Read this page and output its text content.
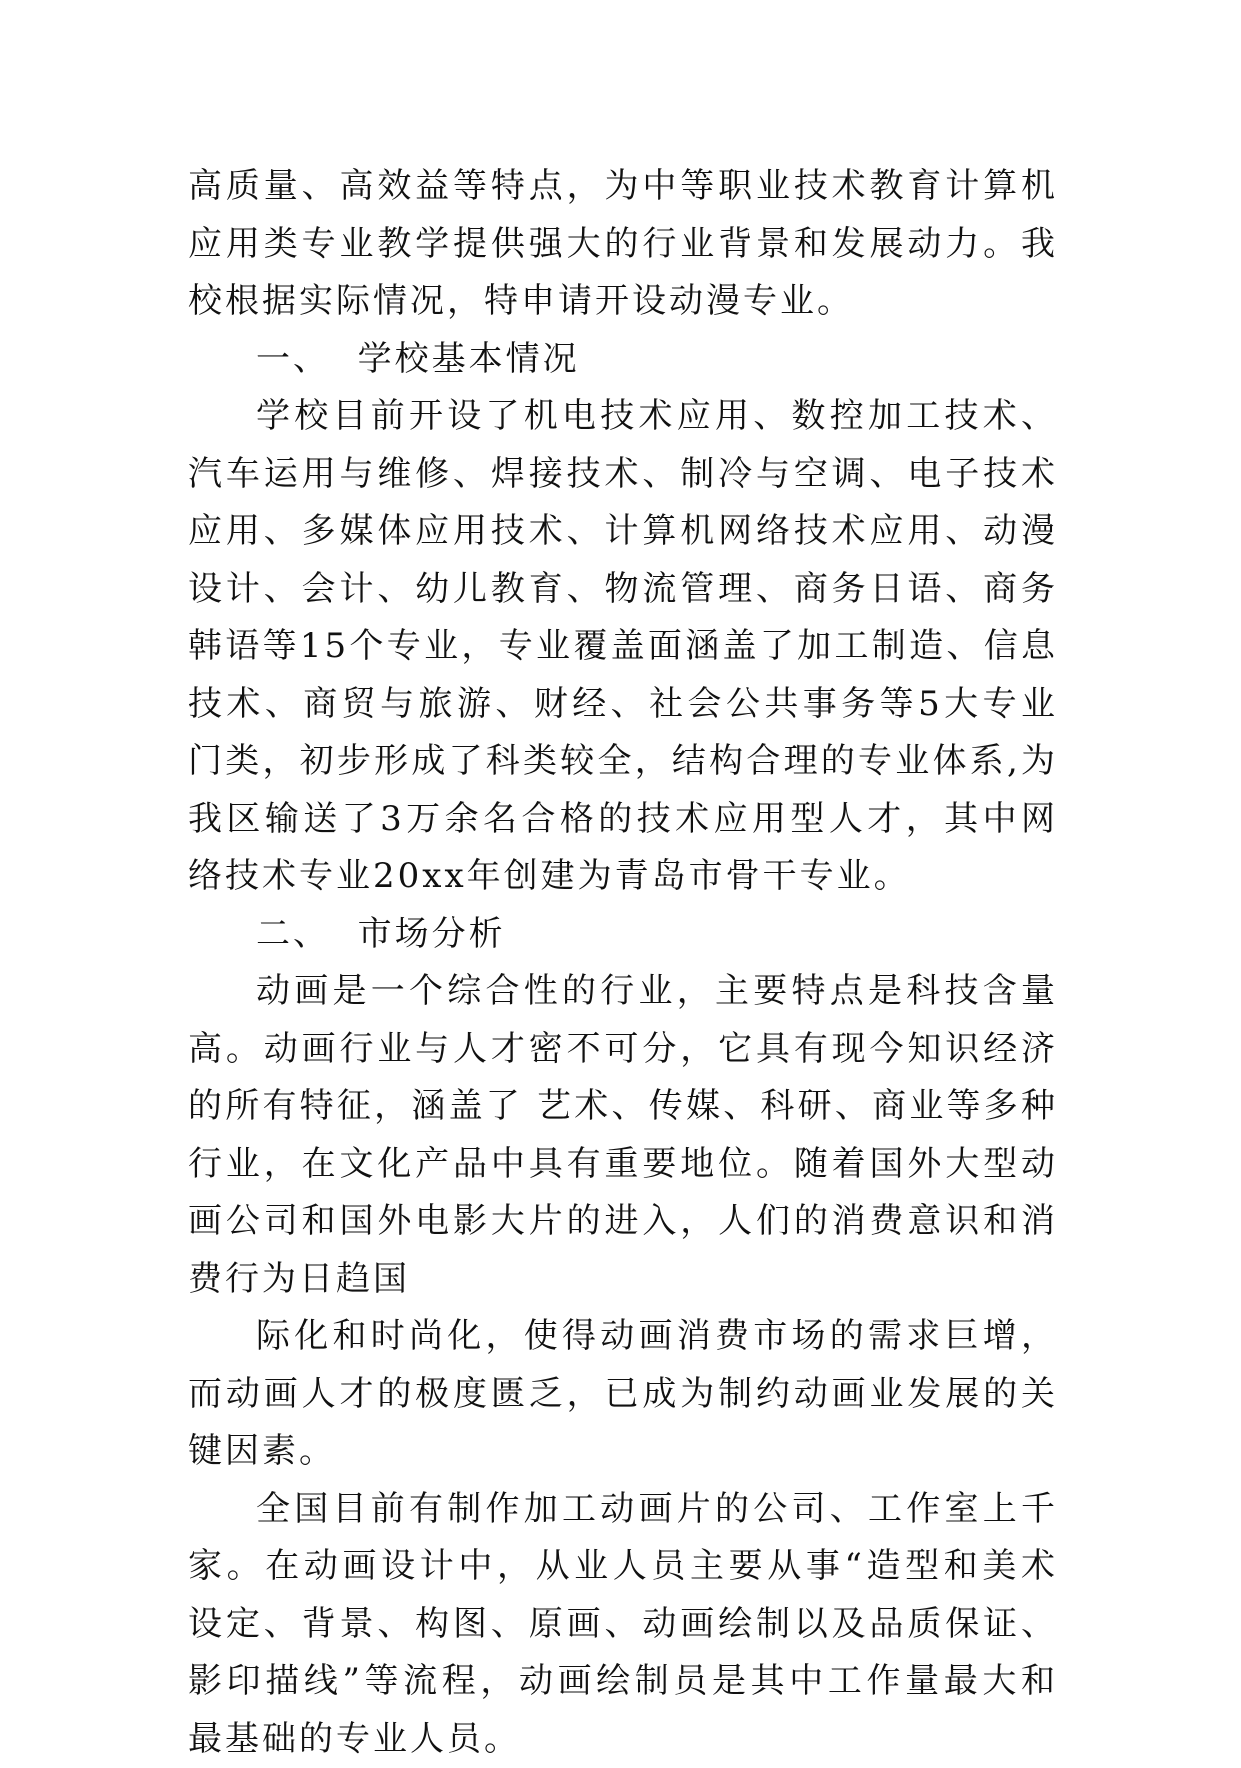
高质量、高效益等特点，为中等职业技术教育计算机应用类专业教学提供强大的行业背景和发展动力。我校根据实际情况，特申请开设动漫专业。

一、  学校基本情况

学校目前开设了机电技术应用、数控加工技术、汽车运用与维修、焊接技术、制冷与空调、电子技术应用、多媒体应用技术、计算机网络技术应用、动漫设计、会计、幼儿教育、物流管理、商务日语、商务韩语等15个专业，专业覆盖面涵盖了加工制造、信息技术、商贸与旅游、财经、社会公共事务等5大专业门类，初步形成了科类较全，结构合理的专业体系,为我区输送了3万余名合格的技术应用型人才，其中网络技术专业20xx年创建为青岛市骨干专业。

二、  市场分析

动画是一个综合性的行业，主要特点是科技含量高。动画行业与人才密不可分，它具有现今知识经济的所有特征，涵盖了 艺术、传媒、科研、商业等多种行业，在文化产品中具有重要地位。随着国外大型动画公司和国外电影大片的进入，人们的消费意识和消费行为日趋国

际化和时尚化，使得动画消费市场的需求巨增，而动画人才的极度匮乏，已成为制约动画业发展的关键因素。

全国目前有制作加工动画片的公司、工作室上千家。在动画设计中，从业人员主要从事“造型和美术设定、背景、构图、原画、动画绘制以及品质保证、影印描线”等流程，动画绘制员是其中工作量最大和最基础的专业人员。
